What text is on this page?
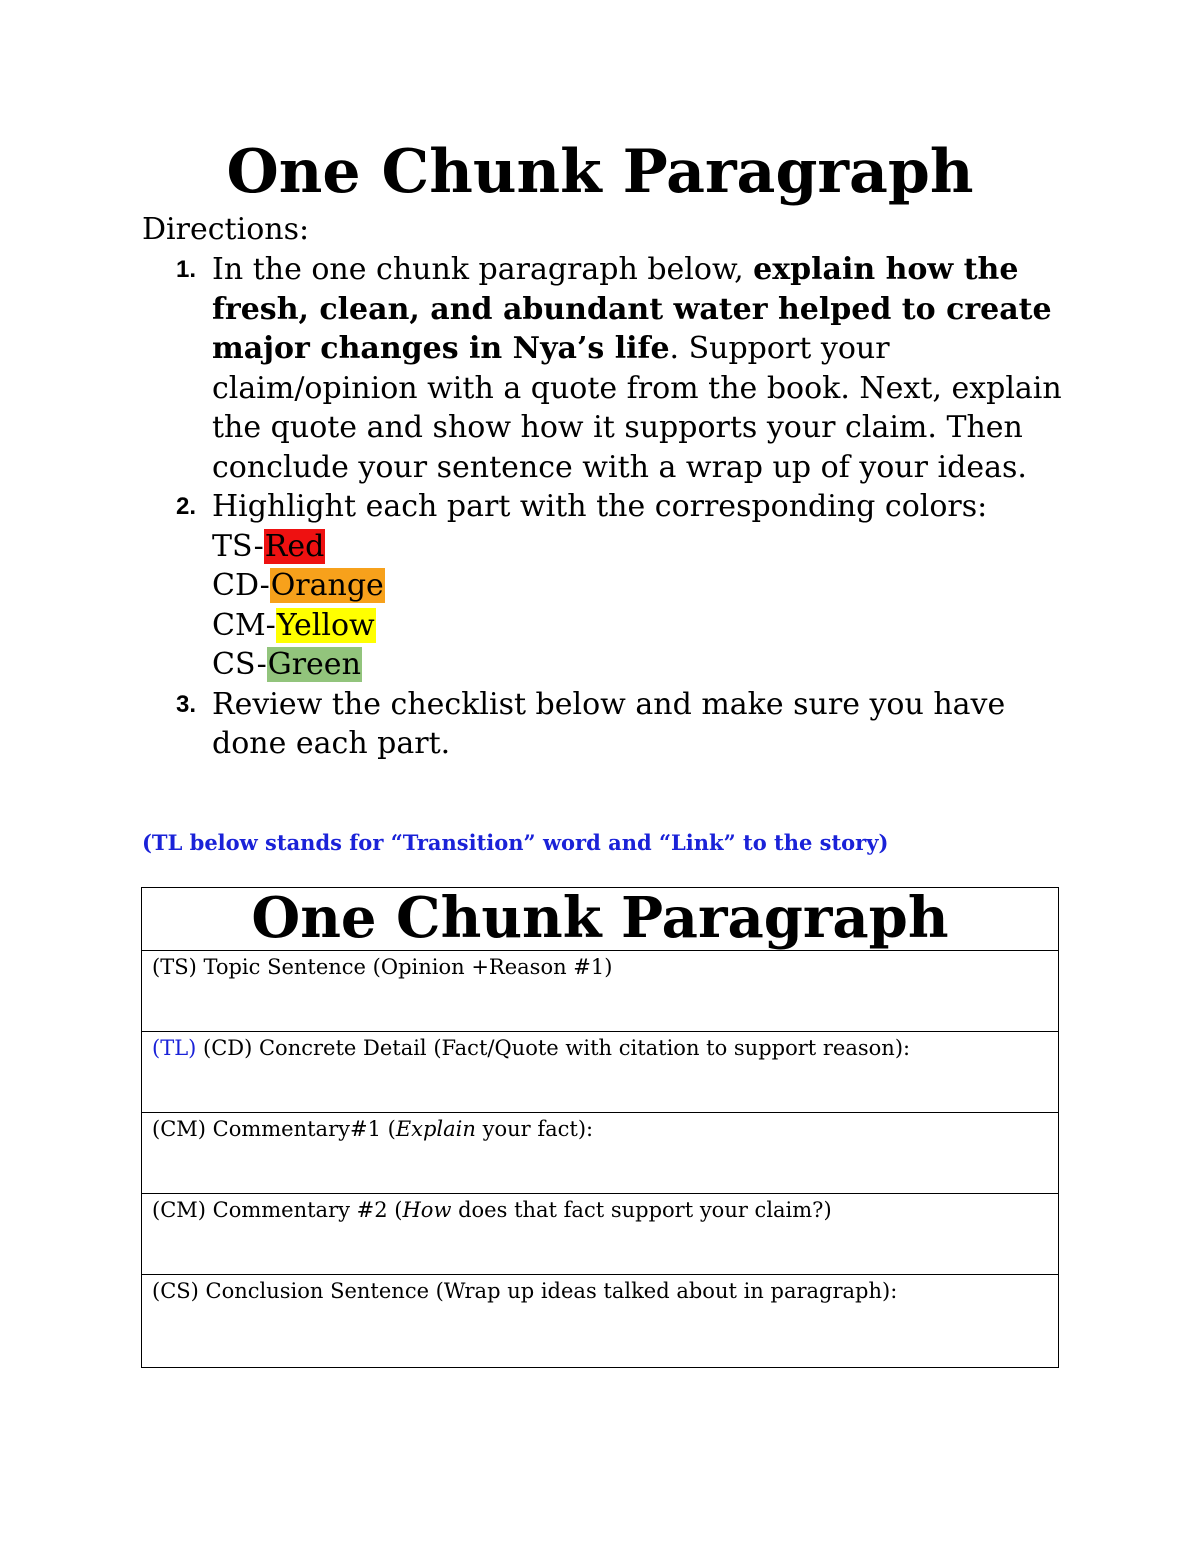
One Chunk Paragraph
Directions:
1. In the one chunk paragraph below, explain how the fresh, clean, and abundant water helped to create major changes in Nya’s life. Support your claim/opinion with a quote from the book. Next, explain the quote and show how it supports your claim. Then conclude your sentence with a wrap up of your ideas.
2. Highlight each part with the corresponding colors:
TS-Red
CD-Orange
CM-Yellow
CS-Green
3. Review the checklist below and make sure you have done each part.
(TL below stands for “Transition” word and “Link” to the story)
One Chunk Paragraph
(TS) Topic Sentence (Opinion +Reason #1)
(TL) (CD) Concrete Detail (Fact/Quote with citation to support reason):
(CM) Commentary#1 (Explain your fact):
(CM) Commentary #2 (How does that fact support your claim?)
(CS) Conclusion Sentence (Wrap up ideas talked about in paragraph):
